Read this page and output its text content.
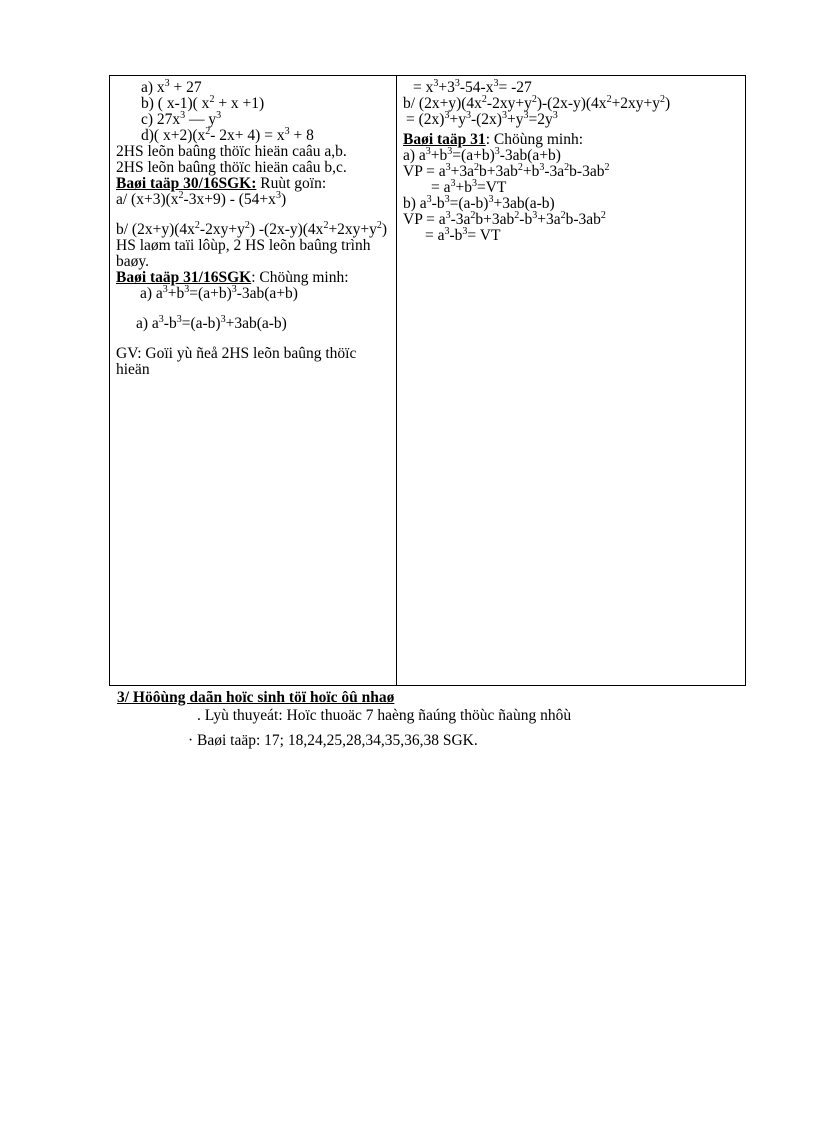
a) $x^3 + 27$
b) ( x-1)( $x^2 + x +1$)
c) $27x^3$ — $y^3$
d)( $x+2)(x^2-$ $2x+ 4) = x^3 + 8$
2HS leõn baûng thöïc hieän caâu a,b.
2HS leõn baûng thöïc hieän caâu b,c.
Baøi taäp 30/16SGK: Ruùt goïn:
a/ $(x+3)(x^2-3x+9) - (54+x^3)$
b/ $(2x+y)(4x^2-2xy+y^2)$ $-(2x-y)(4x^2+2xy+y^2)$
HS laøm taïi lôùp, 2 HS leõn baûng trình baøy.
Baøi taäp 31/16SGK: Chöùng minh:
a) $a^3+b^3=(a+b)^3-3ab(a+b)$
a) $a^3-b^3=(a-b)^3+3ab(a-b)$
GV: Goïi yù ñeå 2HS leõn baûng thöïc hieän
= $x^3+3^3-54-x^3= -27$
b/ $(2x+y)(4x^2-2xy+y^2)-(2x-y)(4x^2+2xy+y^2)$
= $(2x)^3+y^3-(2x)^3+y^3=2y^3$
Baøi taäp 31: Chöùng minh:
a) $a^3+b^3=(a+b)^3-3ab(a+b)$
VP = $a^3+3a^2b+3ab^2+b^3-3a^2b-3ab^2$
= $a^3+b^3=VT$
b) $a^3-b^3=(a-b)^3+3ab(a-b)$
VP = $a^3-3a^2b+3ab^2-b^3+3a^2b-3ab^2$
= $a^3-b^3=$ VT
3/ Höôùng daãn hoïc sinh töï hoïc ôû nhaø
. Lyù thuyeát: Hoïc thuoäc 7 haèng ñaúng thöùc ñaùng nhôù
· Baøi taäp: 17; 18,24,25,28,34,35,36,38 SGK.
